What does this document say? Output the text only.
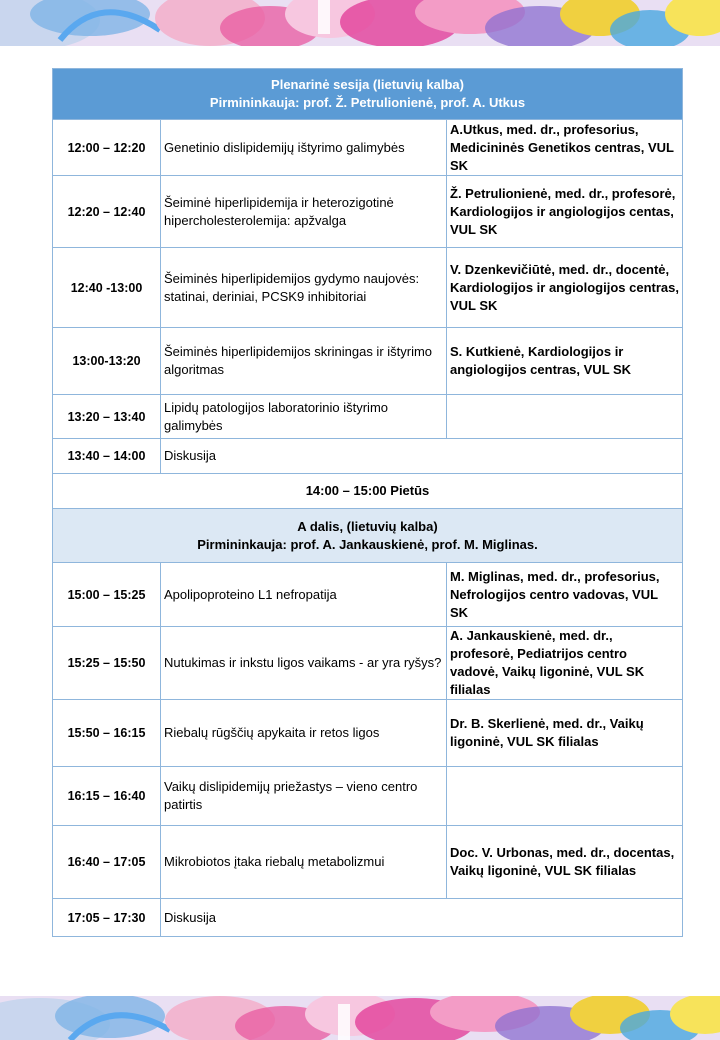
Plenarinė sesija (lietuvių kalba)
Pirmininkauja: prof. Ž. Petrulionienė, prof. A. Utkus		

12:00 – 12:20	Genetinio dislipidemijų ištyrimo galimybės	A.Utkus, med. dr., profesorius, Medicininės Genetikos centras, VUL SK
12:20 – 12:40	Šeiminė hiperlipidemija ir heterozigotinė hipercholesterolemija: apžvalga	Ž. Petrulionienė, med. dr., profesorė, Kardiologijos ir angiologijos centas, VUL SK
12:40 -13:00	Šeiminės hiperlipidemijos gydymo naujovės: statinai, deriniai, PCSK9 inhibitoriai	V. Dzenkevičiūtė, med. dr., docentė, Kardiologijos ir angiologijos centras, VUL SK
13:00-13:20	Šeiminės hiperlipidemijos skriningas ir ištyrimo algoritmas	S. Kutkienė, Kardiologijos ir angiologijos centras, VUL SK
13:20 – 13:40	Lipidų patologijos laboratorinio ištyrimo galimybės	
13:40 – 14:00	Diskusija	
14:00 – 15:00 Pietūs		

A dalis, (lietuvių kalba)
Pirmininkauja: prof. A. Jankauskienė, prof. M. Miglinas.		

15:00 – 15:25	Apolipoproteino L1 nefropatija	M. Miglinas, med. dr., profesorius, Nefrologijos centro vadovas, VUL SK
15:25 – 15:50	Nutukimas ir inkstu ligos vaikams - ar yra ryšys?	A. Jankauskienė, med. dr., profesorė, Pediatrijos centro vadovė, Vaikų ligoninė, VUL SK filialas
15:50 – 16:15	Riebalų rūgščių apykaita ir retos ligos	Dr. B. Skerlienė, med. dr., Vaikų ligoninė, VUL SK filialas
16:15 – 16:40	Vaikų dislipidemijų priežastys – vieno centro patirtis	
16:40 – 17:05	Mikrobiotos įtaka riebalų metabolizmui	Doc. V. Urbonas, med. dr., docentas, Vaikų ligoninė, VUL SK filialas
17:05 – 17:30	Diskusija	
